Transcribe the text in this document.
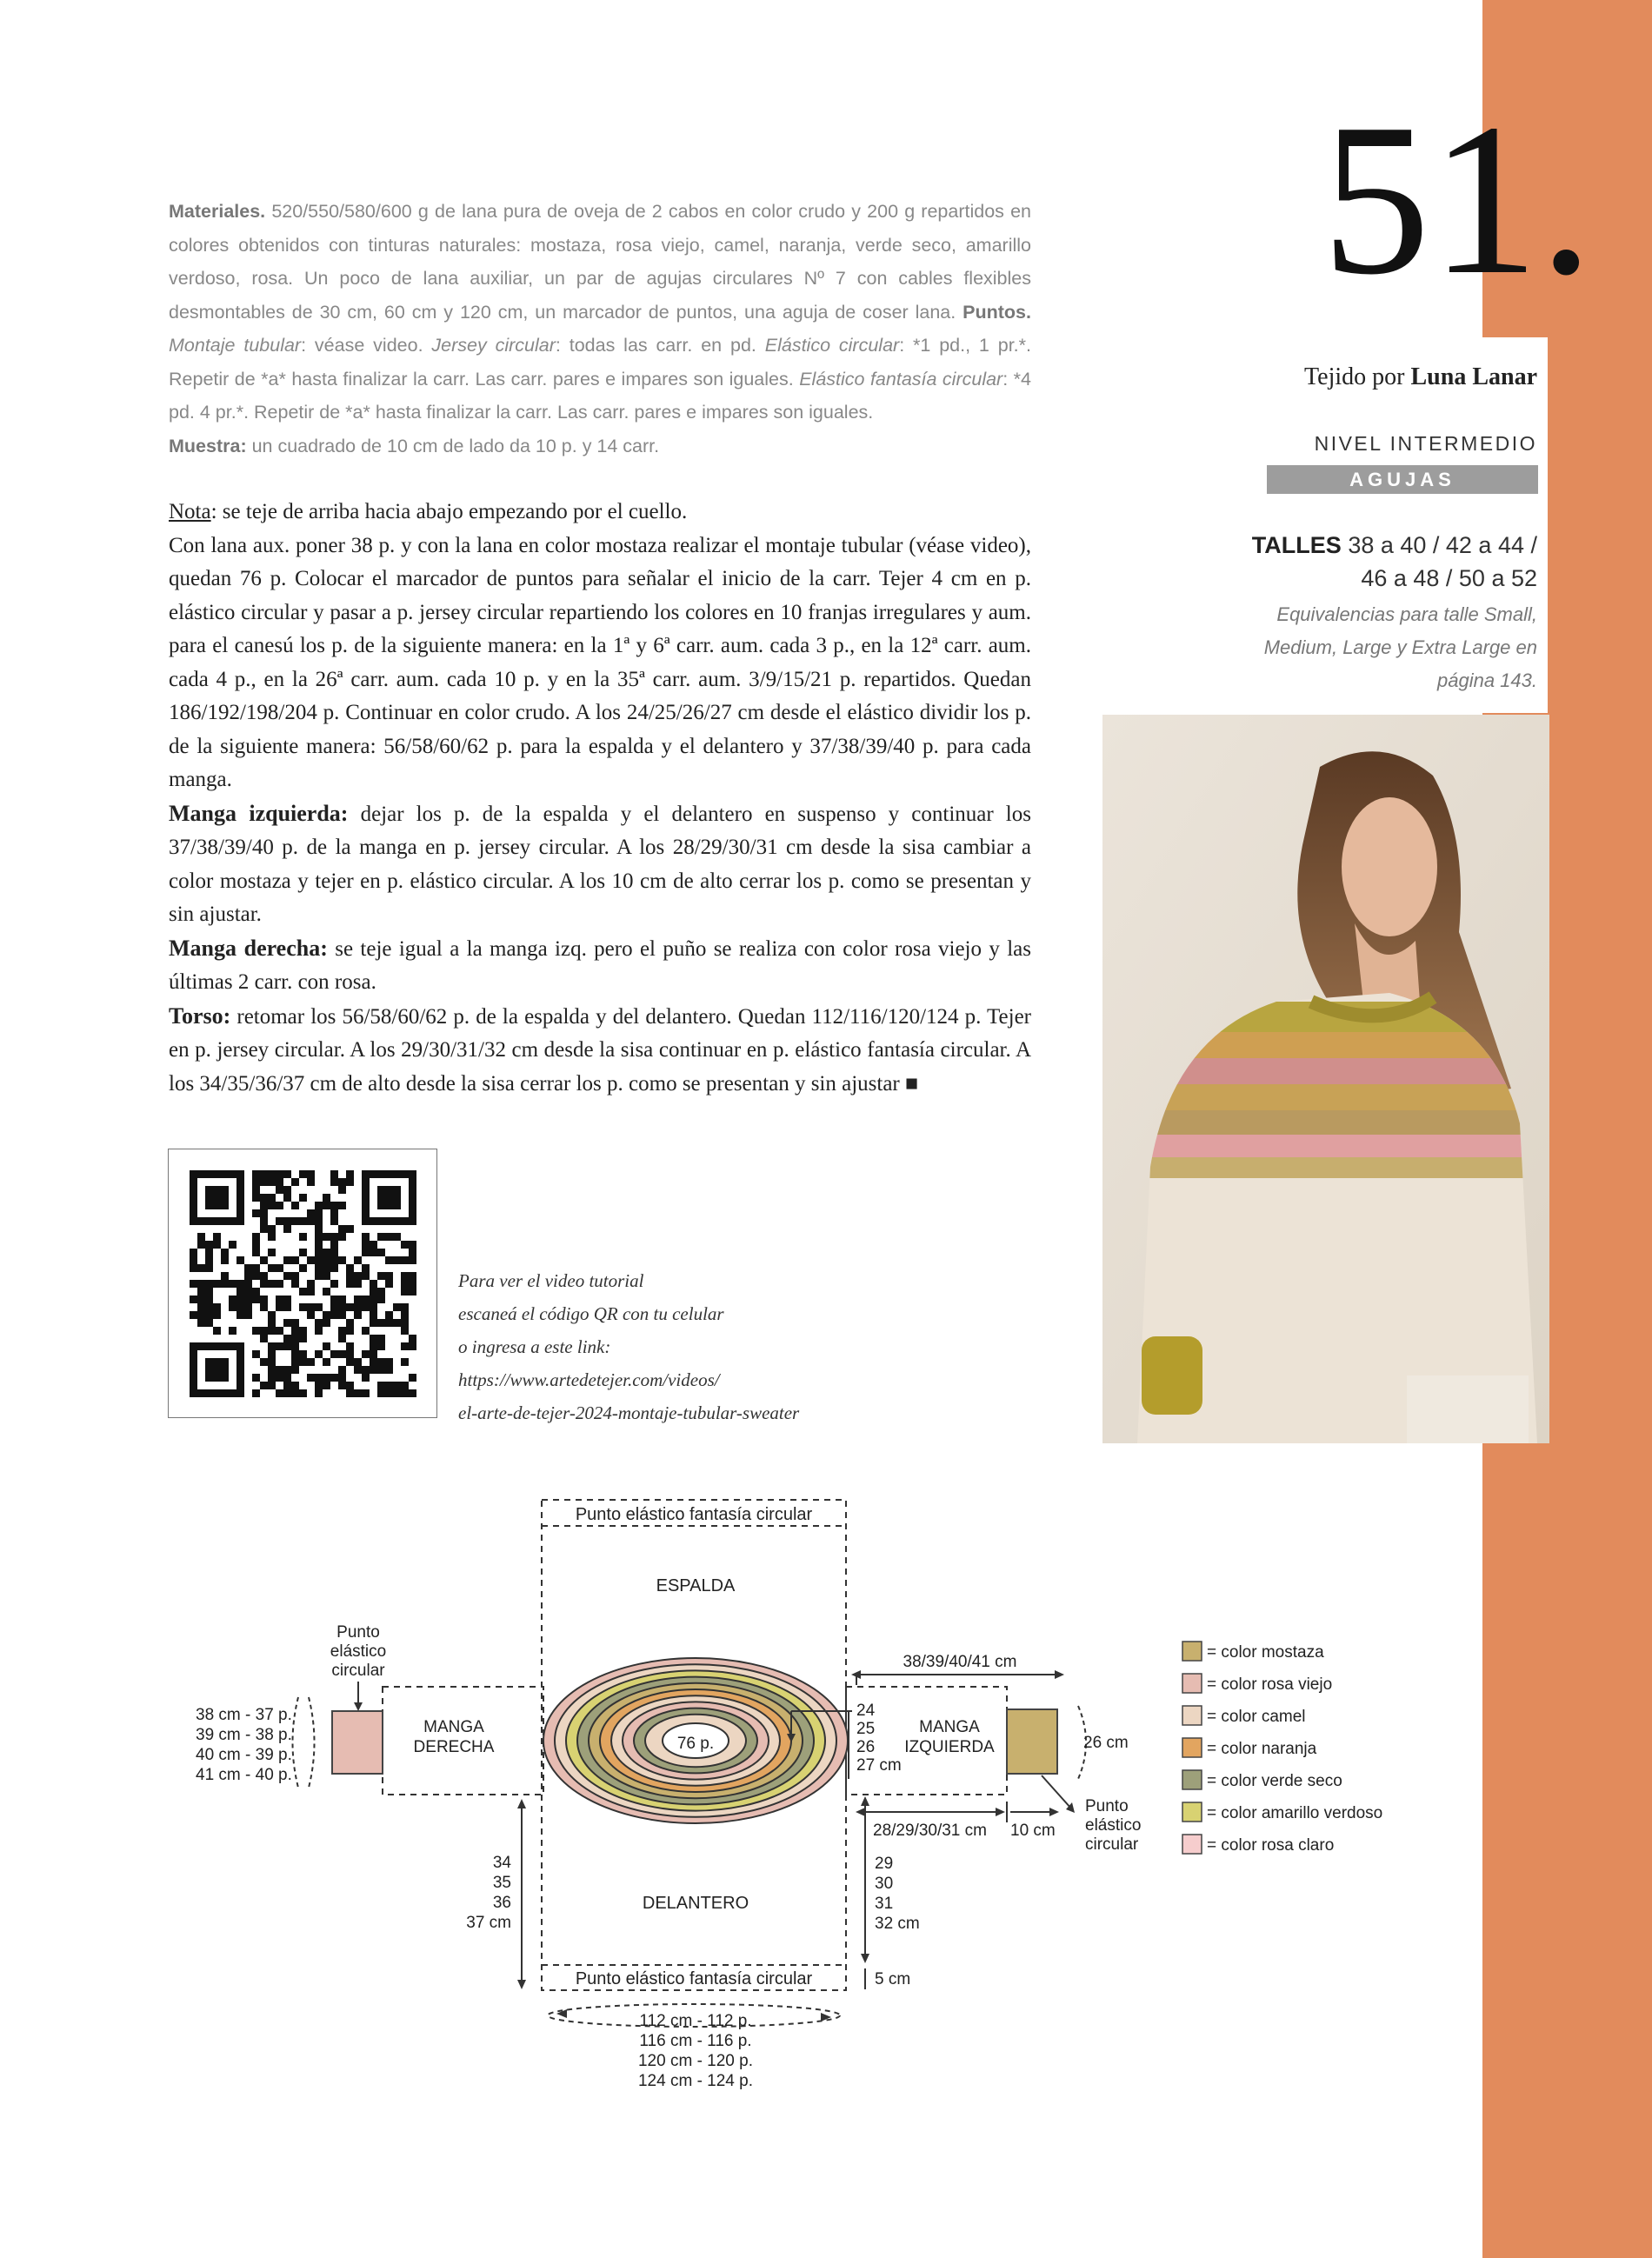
51.
Tejido por Luna Lanar
NIVEL INTERMEDIO
AGUJAS CIRCULARES
TALLES 38 a 40 / 42 a 44 /
46 a 48 / 50 a 52
Equivalencias para talle Small, Medium, Large y Extra Large en página 143.
Materiales. 520/550/580/600 g de lana pura de oveja de 2 cabos en color crudo y 200 g repartidos en colores obtenidos con tinturas naturales: mostaza, rosa viejo, camel, naranja, verde seco, amarillo verdoso, rosa. Un poco de lana auxiliar, un par de agujas circulares Nº 7 con cables flexibles desmontables de 30 cm, 60 cm y 120 cm, un marcador de puntos, una aguja de coser lana. Puntos. Montaje tubular: véase video. Jersey circular: todas las carr. en pd. Elástico circular: *1 pd., 1 pr.*. Repetir de *a* hasta finalizar la carr. Las carr. pares e impares son iguales. Elástico fantasía circular: *4 pd. 4 pr.*. Repetir de *a* hasta finalizar la carr. Las carr. pares e impares son iguales.
Muestra: un cuadrado de 10 cm de lado da 10 p. y 14 carr.

Nota: se teje de arriba hacia abajo empezando por el cuello.

Con lana aux. poner 38 p. y con la lana en color mostaza realizar el montaje tubular (véase video), quedan 76 p. Colocar el marcador de puntos para señalar el inicio de la carr. Tejer 4 cm en p. elástico circular y pasar a p. jersey circular repartiendo los colores en 10 franjas irregulares y aum. para el canesú los p. de la siguiente manera: en la 1ª y 6ª carr. aum. cada 3 p., en la 12ª carr. aum. cada 4 p., en la 26ª carr. aum. cada 10 p. y en la 35ª carr. aum. 3/9/15/21 p. repartidos. Quedan 186/192/198/204 p. Continuar en color crudo. A los 24/25/26/27 cm desde el elástico dividir los p. de la siguiente manera: 56/58/60/62 p. para la espalda y el delantero y 37/38/39/40 p. para cada manga.

Manga izquierda: dejar los p. de la espalda y el delantero en suspenso y continuar los 37/38/39/40 p. de la manga en p. jersey circular. A los 28/29/30/31 cm desde la sisa cambiar a color mostaza y tejer en p. elástico circular. A los 10 cm de alto cerrar los p. como se presentan y sin ajustar.

Manga derecha: se teje igual a la manga izq. pero el puño se realiza con color rosa viejo y las últimas 2 carr. con rosa.

Torso: retomar los 56/58/60/62 p. de la espalda y del delantero. Quedan 112/116/120/124 p. Tejer en p. jersey circular. A los 29/30/31/32 cm desde la sisa continuar en p. elástico fantasía circular. A los 34/35/36/37 cm de alto desde la sisa cerrar los p. como se presentan y sin ajustar ■

Para ver el video tutorial
escaneá el código QR con tu celular
o ingresa a este link:
https://www.artedetejer.com/videos/
el-arte-de-tejer-2024-montaje-tubular-sweater
76 p.
Punto elástico fantasía circular
Punto elástico fantasía circular
ESPALDA
DELANTERO
MANGA
DERECHA
MANGA
IZQUIERDA
Punto
elástico
circular
38 cm - 37 p.
39 cm - 38 p.
40 cm - 39 p.
41 cm - 40 p.
38/39/40/41 cm
24
25
26
27 cm
26 cm
Punto
elástico
circular
28/29/30/31 cm 10 cm
34
35
36
37 cm
29
30
31
32 cm
5 cm
112 cm - 112 p.
116 cm - 116 p.
120 cm - 120 p.
124 cm - 124 p.
= color mostaza
= color rosa viejo
= color camel
= color naranja
= color verde seco
= color amarillo verdoso
= color rosa claro
